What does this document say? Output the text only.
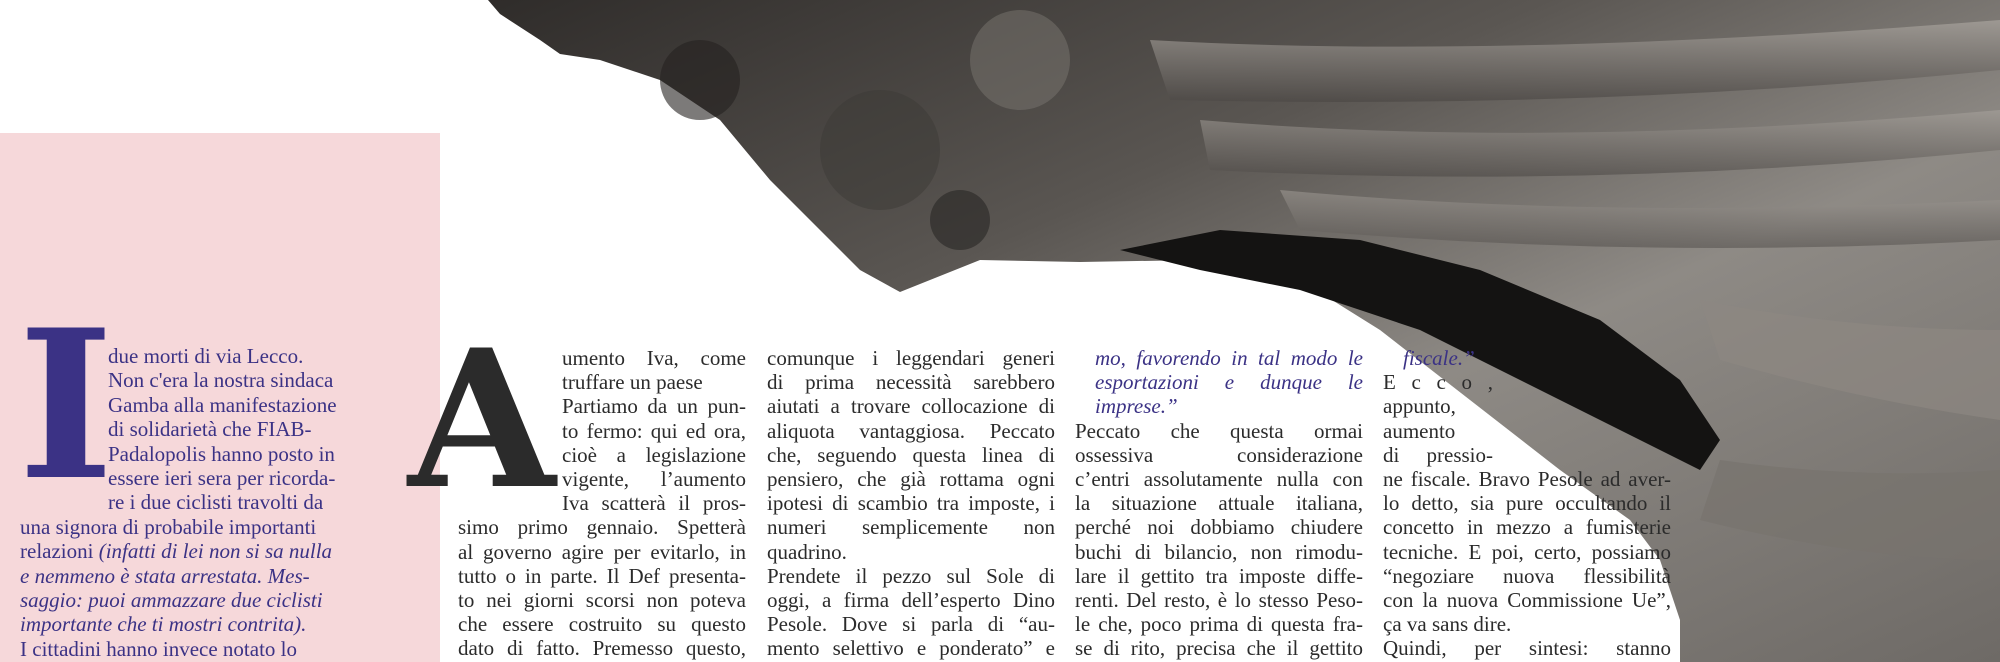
I
due morti di via Lecco.
Non c'era la nostra sindaca
Gamba alla manifestazione
di solidarietà che FIAB-
Padalopolis hanno posto in
essere ieri sera per ricorda-
re i due ciclisti travolti da
una signora di probabile importanti
relazioni (infatti di lei non si sa nulla
e nemmeno è stata arrestata. Mes-
saggio: puoi ammazzare due ciclisti
importante che ti mostri contrita).
I cittadini hanno invece notato lo
A umento Iva, come
truffare un paese
Partiamo da un pun-
to fermo: qui ed ora,
cioè a legislazione
vigente, l’aumento
Iva scatterà il pros-
simo primo gennaio. Spetterà
al governo agire per evitarlo, in
tutto o in parte. Il Def presenta-
to nei giorni scorsi non poteva
che essere costruito su questo
dato di fatto. Premesso questo,
comunque i leggendari generi
di prima necessità sarebbero
aiutati a trovare collocazione di
aliquota vantaggiosa. Peccato
che, seguendo questa linea di
pensiero, che già rottama ogni
ipotesi di scambio tra imposte, i
numeri semplicemente non
quadrino.
Prendete il pezzo sul Sole di
oggi, a firma dell’esperto Dino
Pesole. Dove si parla di “au-
mento selettivo e ponderato” e
mo, favorendo in tal modo le
esportazioni e dunque le
imprese.”
Peccato che questa ormai
ossessiva considerazione
c’entri assolutamente nulla con
la situazione attuale italiana,
perché noi dobbiamo chiudere
buchi di bilancio, non rimodu-
lare il gettito tra imposte diffe-
renti. Del resto, è lo stesso Peso-
le che, poco prima di questa fra-
se di rito, precisa che il gettito
fiscale.”
E c c o ,
appunto,
aumento
di pressio-
ne fiscale. Bravo Pesole ad aver-
lo detto, sia pure occultando il
concetto in mezzo a fumisterie
tecniche. E poi, certo, possiamo
“negoziare nuova flessibilità
con la nuova Commissione Ue”,
ça va sans dire.
Quindi, per sintesi: stanno
